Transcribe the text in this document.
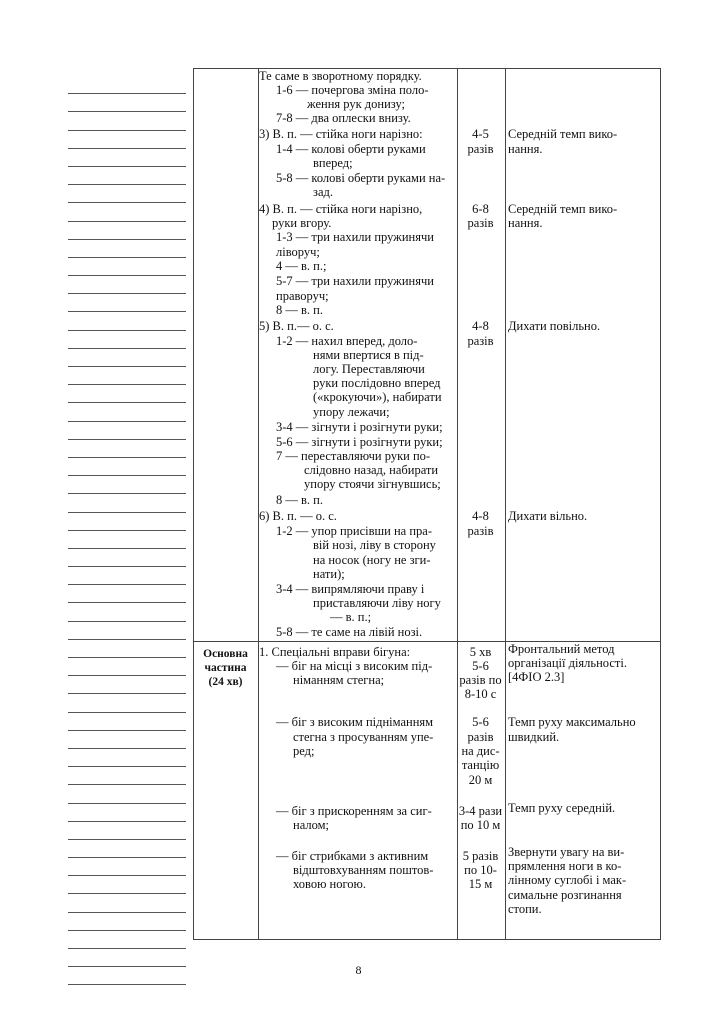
Основна
частина
(24 хв)
Те саме в зворотному порядку.
1-6 — почергова зміна поло-
ження рук донизу;
7-8 — два оплески внизу.
3) В. п. — стійка ноги нарізно:
1-4 — колові оберти руками
вперед;
5-8 — колові оберти руками на-
зад.
4) В. п. — стійка ноги нарізно,
руки вгору.
1-3 — три нахили пружинячи
ліворуч;
4 — в. п.;
5-7 — три нахили пружинячи
праворуч;
8 — в. п.
5) В. п.— о. с.
1-2 — нахил вперед, доло-
нями впертися в під-
логу. Переставляючи
руки послідовно вперед
(«крокуючи»), набирати
упору лежачи;
3-4 — зігнути і розігнути руки;
5-6 — зігнути і розігнути руки;
7 — переставляючи руки по-
слідовно назад, набирати
упору стоячи зігнувшись;
8 — в. п.
6) В. п. — о. с.
1-2 — упор присівши на пра-
вій нозі, ліву в сторону
на носок (ногу не зги-
нати);
3-4 — випрямляючи праву і
приставляючи ліву ногу
— в. п.;
5-8 — те саме на лівій нозі.
1. Спеціальні вправи бігуна:
— біг на місці з високим під-
німанням стегна;
— біг з високим підніманням
стегна з просуванням упе-
ред;
— біг з прискоренням за сиг-
налом;
— біг стрибками з активним
відштовхуванням поштов-
ховою ногою.
4-5
разів
6-8
разів
4-8
разів
4-8
разів
5 хв
5-6
разів по
8-10 с
5-6
разів
на дис-
танцію
20 м
3-4 рази
по 10 м
5 разів
по 10-
15 м
Середній темп вико-
нання.
Середній темп вико-
нання.
Дихати повільно.
Дихати вільно.
Фронтальний метод
організації діяльності.
[4ФІО 2.3]
Темп руху максимально
швидкий.
Темп руху середній.
Звернути увагу на ви-
прямлення ноги в ко-
лінному суглобі і мак-
симальне розгинання
стопи.
8
